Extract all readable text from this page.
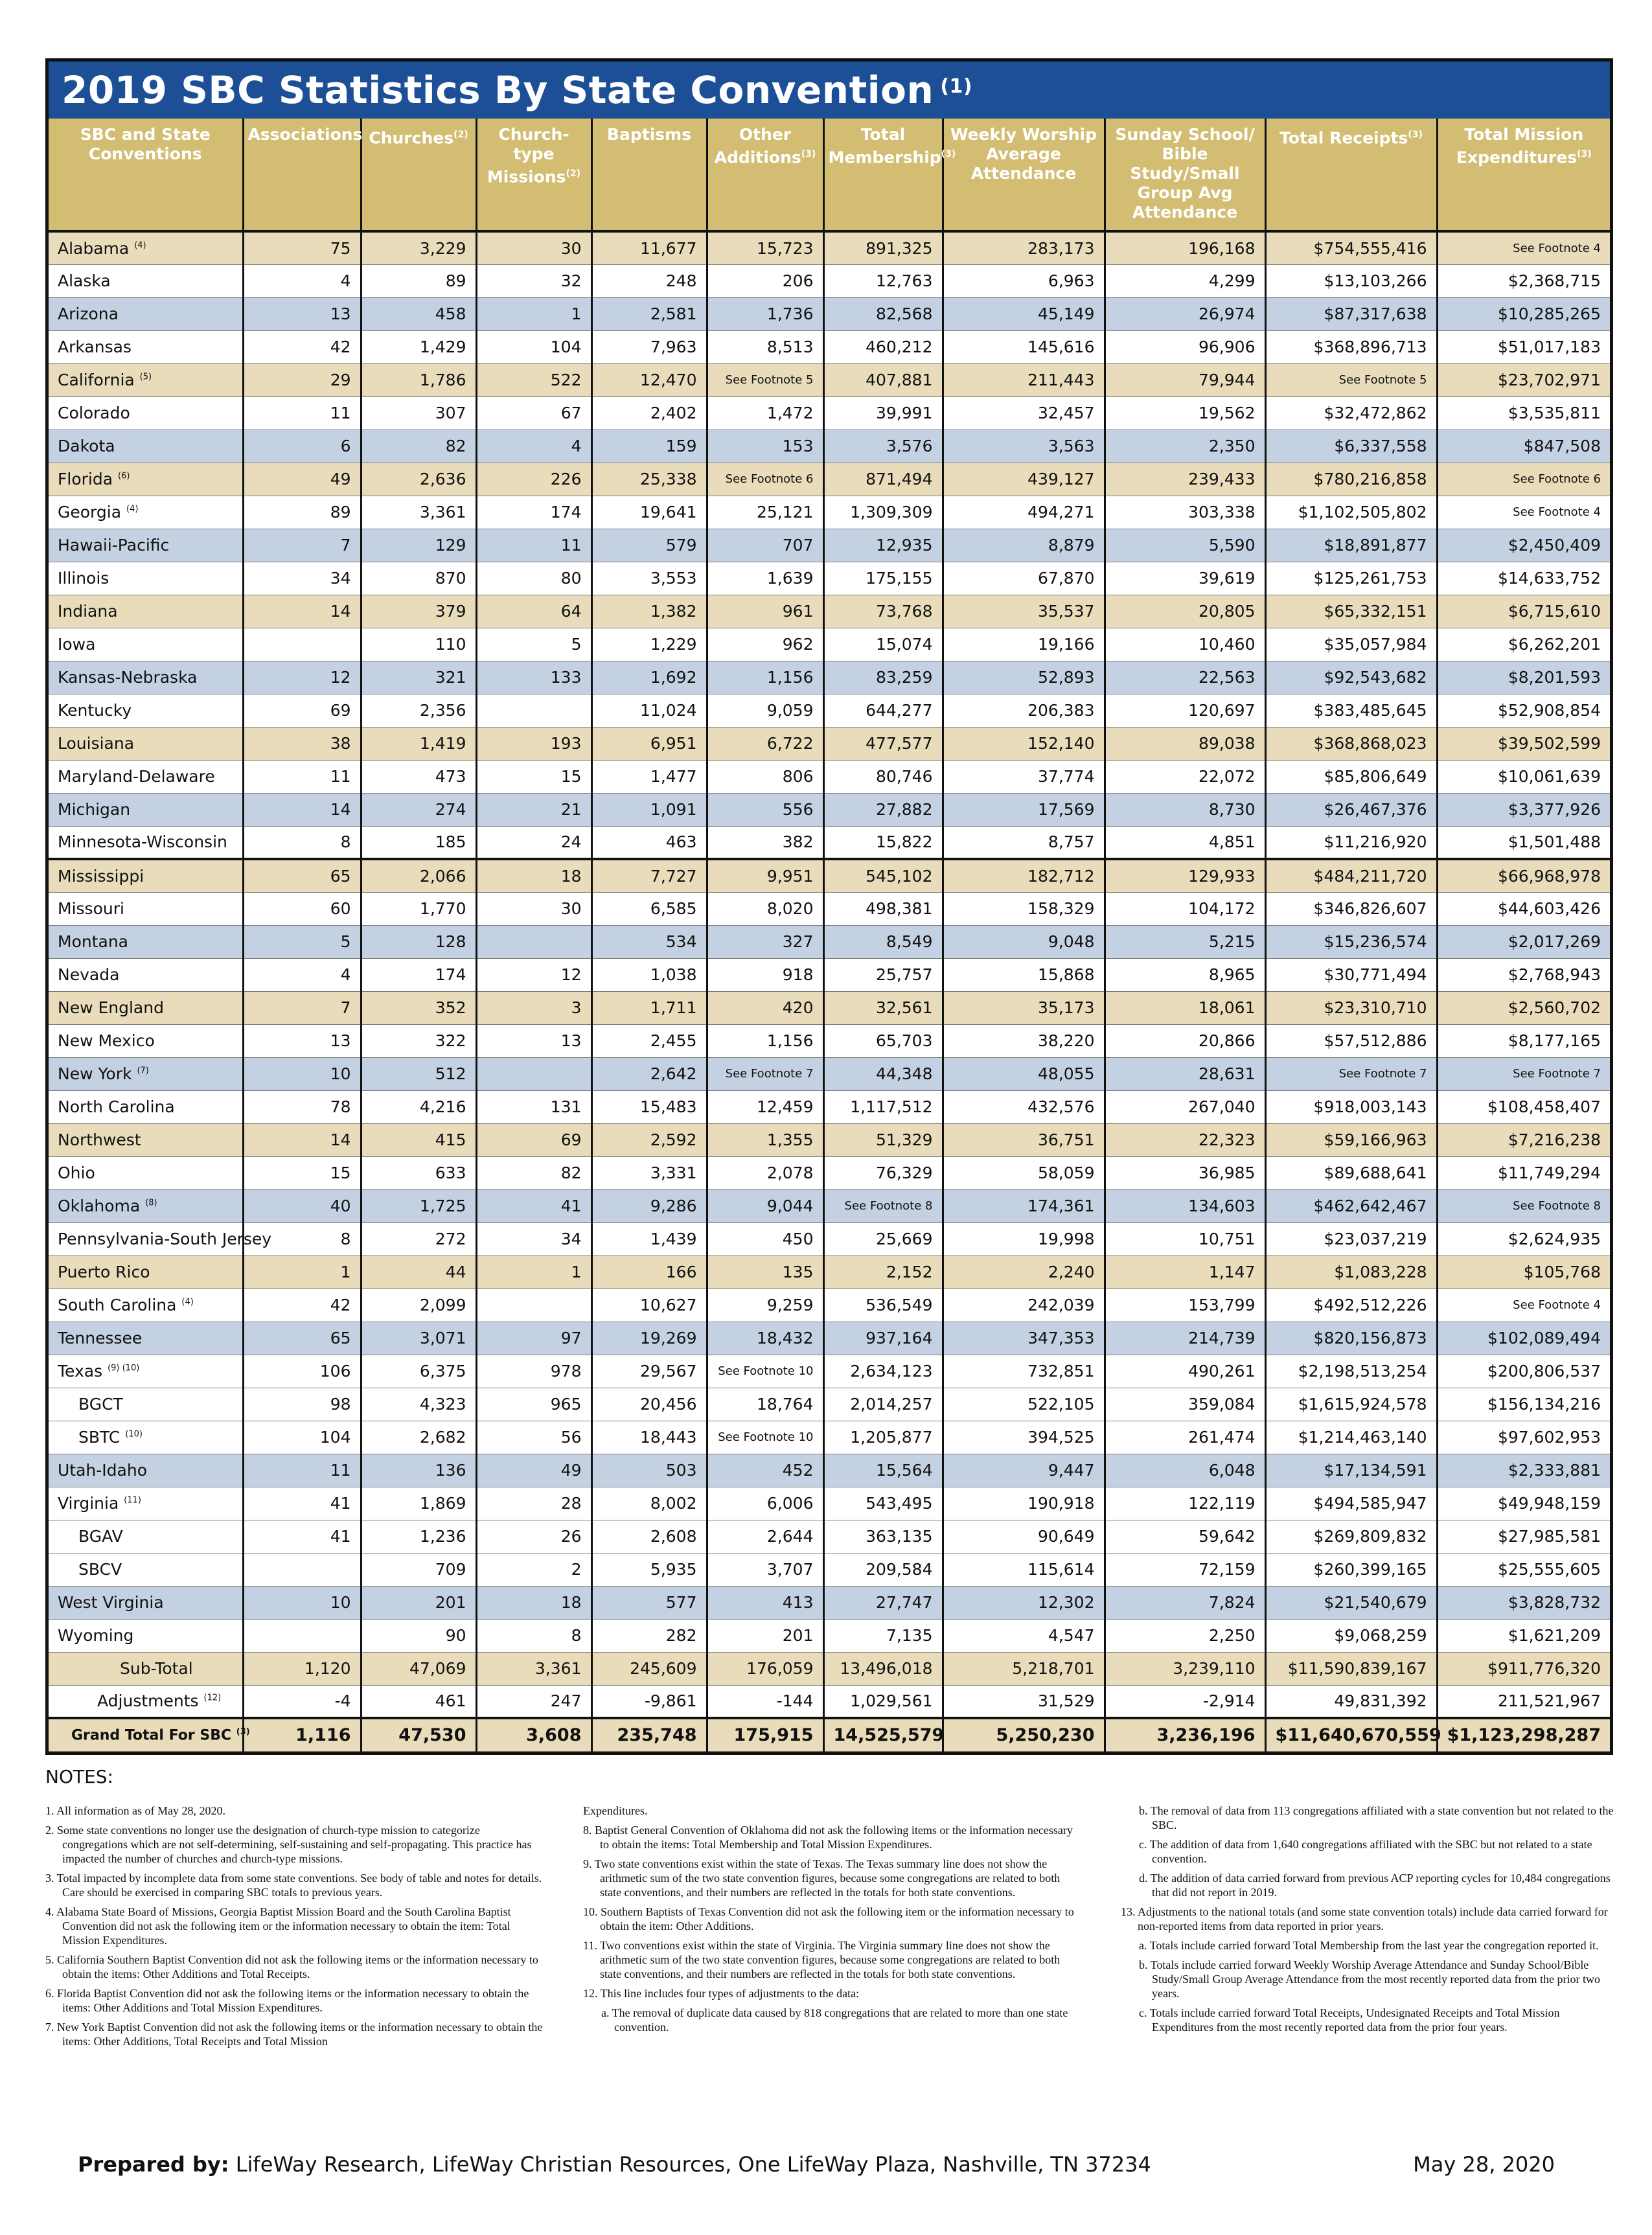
2019 SBC Statistics By State Convention $^{(1)}$
SBC and State Conventions	Associations	Churches$^{(2)}$	Church-type Missions$^{(2)}$	Baptisms	Other Additions$^{(3)}$	Total Membership$^{(3)}$	Weekly Worship Average Attendance	Sunday School/ Bible Study/Small Group Avg Attendance	Total Receipts$^{(3)}$	Total Mission Expenditures$^{(3)}$
Alabama $^{(4)}$	75	3,229	30	11,677	15,723	891,325	283,173	196,168	$754,555,416	See Footnote 4
Alaska	4	89	32	248	206	12,763	6,963	4,299	$13,103,266	$2,368,715
Arizona	13	458	1	2,581	1,736	82,568	45,149	26,974	$87,317,638	$10,285,265
Arkansas	42	1,429	104	7,963	8,513	460,212	145,616	96,906	$368,896,713	$51,017,183
California $^{(5)}$	29	1,786	522	12,470	See Footnote 5	407,881	211,443	79,944	See Footnote 5	$23,702,971
Colorado	11	307	67	2,402	1,472	39,991	32,457	19,562	$32,472,862	$3,535,811
Dakota	6	82	4	159	153	3,576	3,563	2,350	$6,337,558	$847,508
Florida $^{(6)}$	49	2,636	226	25,338	See Footnote 6	871,494	439,127	239,433	$780,216,858	See Footnote 6
Georgia $^{(4)}$	89	3,361	174	19,641	25,121	1,309,309	494,271	303,338	$1,102,505,802	See Footnote 4
Hawaii-Pacific	7	129	11	579	707	12,935	8,879	5,590	$18,891,877	$2,450,409
Illinois	34	870	80	3,553	1,639	175,155	67,870	39,619	$125,261,753	$14,633,752
Indiana	14	379	64	1,382	961	73,768	35,537	20,805	$65,332,151	$6,715,610
Iowa		110	5	1,229	962	15,074	19,166	10,460	$35,057,984	$6,262,201
Kansas-Nebraska	12	321	133	1,692	1,156	83,259	52,893	22,563	$92,543,682	$8,201,593
Kentucky	69	2,356		11,024	9,059	644,277	206,383	120,697	$383,485,645	$52,908,854
Louisiana	38	1,419	193	6,951	6,722	477,577	152,140	89,038	$368,868,023	$39,502,599
Maryland-Delaware	11	473	15	1,477	806	80,746	37,774	22,072	$85,806,649	$10,061,639
Michigan	14	274	21	1,091	556	27,882	17,569	8,730	$26,467,376	$3,377,926
Minnesota-Wisconsin	8	185	24	463	382	15,822	8,757	4,851	$11,216,920	$1,501,488
Mississippi	65	2,066	18	7,727	9,951	545,102	182,712	129,933	$484,211,720	$66,968,978
Missouri	60	1,770	30	6,585	8,020	498,381	158,329	104,172	$346,826,607	$44,603,426
Montana	5	128		534	327	8,549	9,048	5,215	$15,236,574	$2,017,269
Nevada	4	174	12	1,038	918	25,757	15,868	8,965	$30,771,494	$2,768,943
New England	7	352	3	1,711	420	32,561	35,173	18,061	$23,310,710	$2,560,702
New Mexico	13	322	13	2,455	1,156	65,703	38,220	20,866	$57,512,886	$8,177,165
New York $^{(7)}$	10	512		2,642	See Footnote 7	44,348	48,055	28,631	See Footnote 7	See Footnote 7
North Carolina	78	4,216	131	15,483	12,459	1,117,512	432,576	267,040	$918,003,143	$108,458,407
Northwest	14	415	69	2,592	1,355	51,329	36,751	22,323	$59,166,963	$7,216,238
Ohio	15	633	82	3,331	2,078	76,329	58,059	36,985	$89,688,641	$11,749,294
Oklahoma $^{(8)}$	40	1,725	41	9,286	9,044	See Footnote 8	174,361	134,603	$462,642,467	See Footnote 8
Pennsylvania-South Jersey	8	272	34	1,439	450	25,669	19,998	10,751	$23,037,219	$2,624,935
Puerto Rico	1	44	1	166	135	2,152	2,240	1,147	$1,083,228	$105,768
South Carolina $^{(4)}$	42	2,099		10,627	9,259	536,549	242,039	153,799	$492,512,226	See Footnote 4
Tennessee	65	3,071	97	19,269	18,432	937,164	347,353	214,739	$820,156,873	$102,089,494
Texas $^{(9) (10)}$	106	6,375	978	29,567	See Footnote 10	2,634,123	732,851	490,261	$2,198,513,254	$200,806,537
BGCT	98	4,323	965	20,456	18,764	2,014,257	522,105	359,084	$1,615,924,578	$156,134,216
SBTC $^{(10)}$	104	2,682	56	18,443	See Footnote 10	1,205,877	394,525	261,474	$1,214,463,140	$97,602,953
Utah-Idaho	11	136	49	503	452	15,564	9,447	6,048	$17,134,591	$2,333,881
Virginia $^{(11)}$	41	1,869	28	8,002	6,006	543,495	190,918	122,119	$494,585,947	$49,948,159
BGAV	41	1,236	26	2,608	2,644	363,135	90,649	59,642	$269,809,832	$27,985,581
SBCV		709	2	5,935	3,707	209,584	115,614	72,159	$260,399,165	$25,555,605
West Virginia	10	201	18	577	413	27,747	12,302	7,824	$21,540,679	$3,828,732
Wyoming		90	8	282	201	7,135	4,547	2,250	$9,068,259	$1,621,209
Sub-Total	1,120	47,069	3,361	245,609	176,059	13,496,018	5,218,701	3,239,110	$11,590,839,167	$911,776,320
Adjustments $^{(12)}$	-4	461	247	-9,861	-144	1,029,561	31,529	-2,914	49,831,392	211,521,967
Grand Total For SBC $^{(3)}$	1,116	47,530	3,608	235,748	175,915	14,525,579	5,250,230	3,236,196	$11,640,670,559	$1,123,298,287
NOTES:

1. All information as of May 28, 2020.

2. Some state conventions no longer use the designation of church-type mission to categorize congregations which are not self-determining, self-sustaining and self-propagating. This practice has impacted the number of churches and church-type missions.

3. Total impacted by incomplete data from some state conventions. See body of table and notes for details. Care should be exercised in comparing SBC totals to previous years.

4. Alabama State Board of Missions, Georgia Baptist Mission Board and the South Carolina Baptist Convention did not ask the following item or the information necessary to obtain the item: Total Mission Expenditures.

5. California Southern Baptist Convention did not ask the following items or the information necessary to obtain the items: Other Additions and Total Receipts.

6. Florida Baptist Convention did not ask the following items or the information necessary to obtain the items: Other Additions and Total Mission Expenditures.

7. New York Baptist Convention did not ask the following items or the information necessary to obtain the items: Other Additions, Total Receipts and Total Mission

Expenditures.

8. Baptist General Convention of Oklahoma did not ask the following items or the information necessary to obtain the items: Total Membership and Total Mission Expenditures.

9. Two state conventions exist within the state of Texas. The Texas summary line does not show the arithmetic sum of the two state convention figures, because some congregations are related to both state conventions, and their numbers are reflected in the totals for both state conventions.

10. Southern Baptists of Texas Convention did not ask the following item or the information necessary to obtain the item: Other Additions.

11. Two conventions exist within the state of Virginia. The Virginia summary line does not show the arithmetic sum of the two state convention figures, because some congregations are related to both state conventions, and their numbers are reflected in the totals for both state conventions.

12. This line includes four types of adjustments to the data:

a. The removal of duplicate data caused by 818 congregations that are related to more than one state convention.

b. The removal of data from 113 congregations affiliated with a state convention but not related to the SBC.

c. The addition of data from 1,640 congregations affiliated with the SBC but not related to a state convention.

d. The addition of data carried forward from previous ACP reporting cycles for 10,484 congregations that did not report in 2019.

13. Adjustments to the national totals (and some state convention totals) include data carried forward for non-reported items from data reported in prior years.

a. Totals include carried forward Total Membership from the last year the congregation reported it.

b. Totals include carried forward Weekly Worship Average Attendance and Sunday School/Bible Study/Small Group Average Attendance from the most recently reported data from the prior two years.

c. Totals include carried forward Total Receipts, Undesignated Receipts and Total Mission Expenditures from the most recently reported data from the prior four years.

Prepared by: LifeWay Research, LifeWay Christian Resources, One LifeWay Plaza, Nashville, TN 37234	May 28, 2020
